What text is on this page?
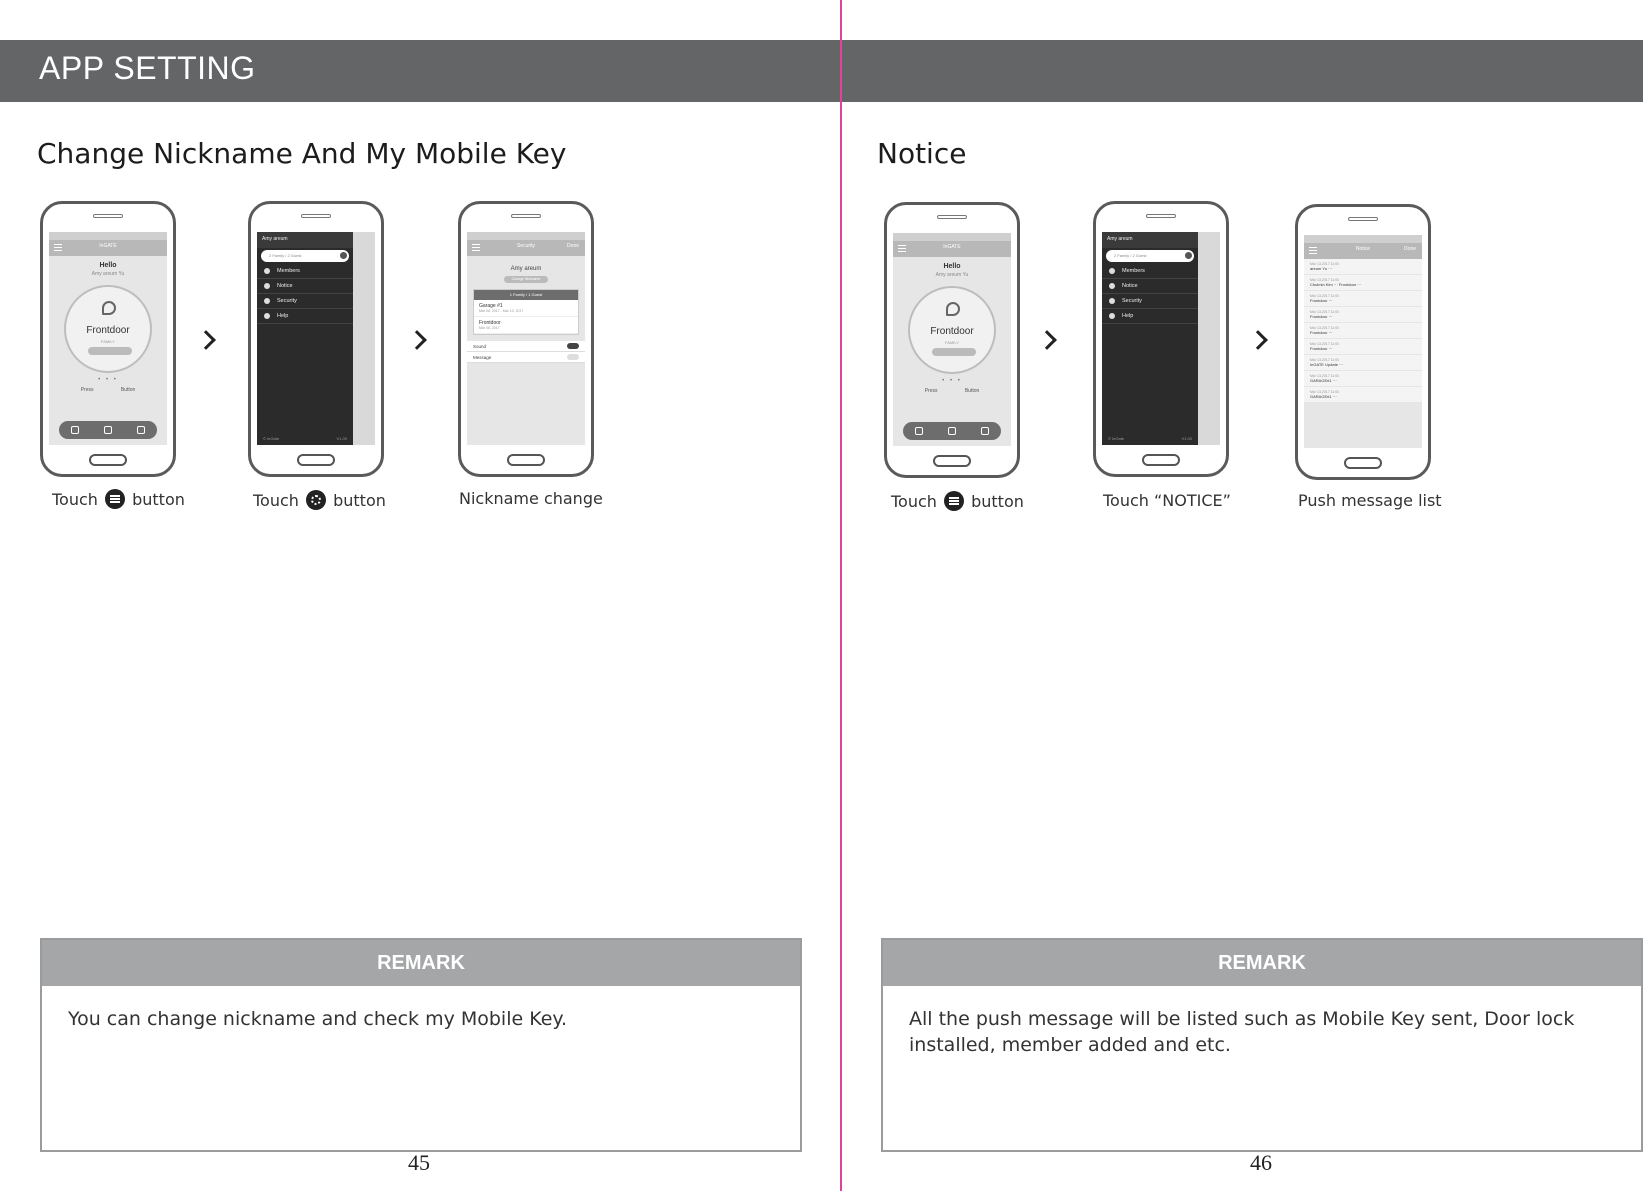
APP SETTING
Change Nickname And My Mobile Key
InGATE
Hello
Amy areum Yu
Frontdoor
FAMILY
• • •
Press	Button
Amy areum
2 Family / 2 Guest
Members
Notice
Security
Help
© InGate	V1.00
Security	Done
Amy areum
Change Nickname
1 Family / 1 Guest
Garage #1
Mar 06, 2017 - Mar 13, 2017
Frontdoor
Mar 06, 2017
Sound
Message
Touch button	Touch button	Nickname change
REMARK
You can change nickname and check my Mobile Key.
45
Notice
InGATE
Hello
Amy areum Yu
Frontdoor
FAMILY
• • •
Press	Button
Amy areum
2 Family / 2 Guest
Members
Notice
Security
Help
© InGate	V1.00
Notice	Done
Mar 13,2017 11:00
areum Yu ···
Mar 13,2017 11:00
Chulmin Kim ··· Frontdoor ···
Mar 13,2017 11:00
Frontdoor ···
Mar 13,2017 11:00
Frontdoor ···
Mar 13,2017 11:00
Frontdoor ···
Mar 13,2017 11:00
Frontdoor ···
Mar 13,2017 11:00
InGATE Update ···
Mar 13,2017 11:00
GARAGE#1 ···
Mar 13,2017 11:00
GARAGE#1 ···
Touch button	Touch “NOTICE”	Push message list
REMARK
All the push message will be listed such as Mobile Key sent, Door lock installed, member added and etc.
46
